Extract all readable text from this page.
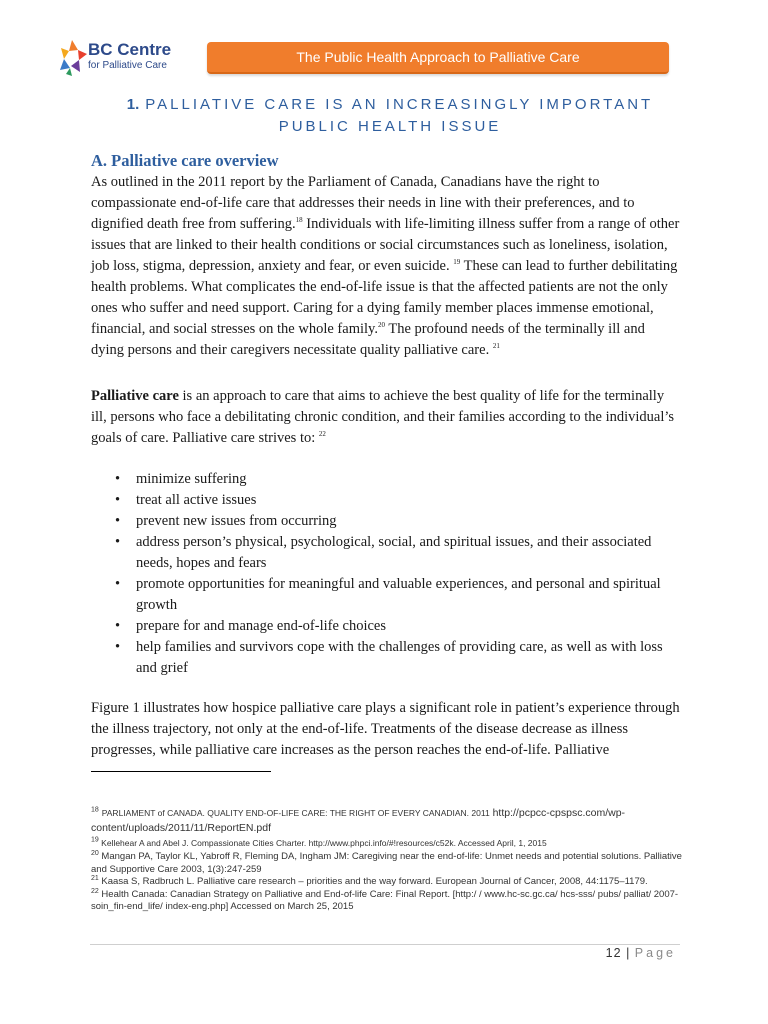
BC Centre
for Palliative Care
The Public Health Approach to Palliative Care
1. PALLIATIVE CARE IS AN INCREASINGLY IMPORTANT
PUBLIC HEALTH ISSUE
A. Palliative care overview

As outlined in the 2011 report by the Parliament of Canada, Canadians have the right to compassionate end-of-life care that addresses their needs in line with their preferences, and to dignified death free from suffering.$^{18}$ Individuals with life-limiting illness suffer from a range of other issues that are linked to their health conditions or social circumstances such as loneliness, isolation, job loss, stigma, depression, anxiety and fear, or even suicide. $^{19}$ These can lead to further debilitating health problems. What complicates the end-of-life issue is that the affected patients are not the only ones who suffer and need support. Caring for a dying family member places immense emotional, financial, and social stresses on the whole family.$^{20}$ The profound needs of the terminally ill and dying persons and their caregivers necessitate quality palliative care. $^{21}$

Palliative care is an approach to care that aims to achieve the best quality of life for the terminally ill, persons who face a debilitating chronic condition, and their families according to the individual’s goals of care. Palliative care strives to: $^{22}$

• minimize suffering
• treat all active issues
• prevent new issues from occurring
• address person’s physical, psychological, social, and spiritual issues, and their associated needs, hopes and fears
• promote opportunities for meaningful and valuable experiences, and personal and spiritual growth
• prepare for and manage end-of-life choices
• help families and survivors cope with the challenges of providing care, as well as with loss and grief

Figure 1 illustrates how hospice palliative care plays a significant role in patient’s experience through the illness trajectory, not only at the end-of-life. Treatments of the disease decrease as illness progresses, while palliative care increases as the person reaches the end-of-life. Palliative

$^{18}$ PARLIAMENT of CANADA. QUALITY END-OF-LIFE CARE: THE RIGHT OF EVERY CANADIAN. 2011 http://pcpcc-cpspsc.com/wp-content/uploads/2011/11/ReportEN.pdf

$^{19}$ Kellehear A and Abel J. Compassionate Cities Charter. http://www.phpci.info/#!resources/c52k. Accessed April, 1, 2015

$^{20}$ Mangan PA, Taylor KL, Yabroff R, Fleming DA, Ingham JM: Caregiving near the end-of-life: Unmet needs and potential solutions. Palliative and Supportive Care 2003, 1(3):247-259

$^{21}$ Kaasa S, Radbruch L. Palliative care research – priorities and the way forward. European Journal of Cancer, 2008, 44:1175–1179.

$^{22}$ Health Canada: Canadian Strategy on Palliative and End-of-life Care: Final Report. [http:/ / www.hc-sc.gc.ca/ hcs-sss/ pubs/ palliat/ 2007-soin_fin-end_life/ index-eng.php] Accessed on March 25, 2015

12 | Page
